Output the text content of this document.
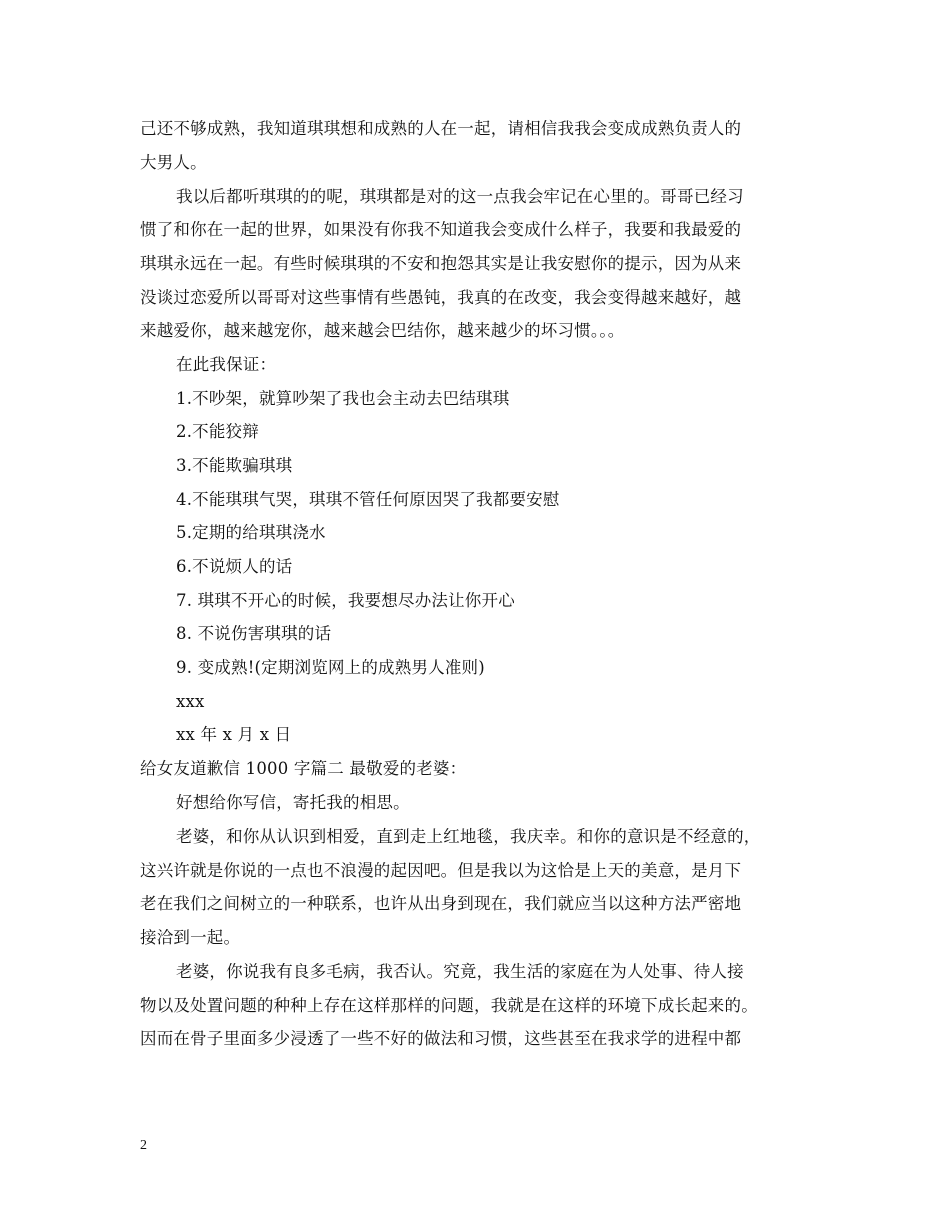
己还不够成熟，我知道琪琪想和成熟的人在一起，请相信我我会变成成熟负责人的
大男人。
我以后都听琪琪的的呢，琪琪都是对的这一点我会牢记在心里的。哥哥已经习
惯了和你在一起的世界，如果没有你我不知道我会变成什么样子，我要和我最爱的
琪琪永远在一起。有些时候琪琪的不安和抱怨其实是让我安慰你的提示，因为从来
没谈过恋爱所以哥哥对这些事情有些愚钝，我真的在改变，我会变得越来越好，越
来越爱你，越来越宠你，越来越会巴结你，越来越少的坏习惯。。。
在此我保证：
1.不吵架，就算吵架了我也会主动去巴结琪琪
2.不能狡辩
3.不能欺骗琪琪
4.不能琪琪气哭，琪琪不管任何原因哭了我都要安慰
5.定期的给琪琪浇水
6.不说烦人的话
7. 琪琪不开心的时候，我要想尽办法让你开心
8. 不说伤害琪琪的话
9. 变成熟!(定期浏览网上的成熟男人准则)
xxx
xx 年 x 月 x 日
给女友道歉信 1000 字篇二 最敬爱的老婆：
好想给你写信，寄托我的相思。
老婆，和你从认识到相爱，直到走上红地毯，我庆幸。和你的意识是不经意的，
这兴许就是你说的一点也不浪漫的起因吧。但是我以为这恰是上天的美意，是月下
老在我们之间树立的一种联系，也许从出身到现在，我们就应当以这种方法严密地
接洽到一起。
老婆，你说我有良多毛病，我否认。究竟，我生活的家庭在为人处事、待人接
物以及处置问题的种种上存在这样那样的问题，我就是在这样的环境下成长起来的。
因而在骨子里面多少浸透了一些不好的做法和习惯，这些甚至在我求学的进程中都
2
